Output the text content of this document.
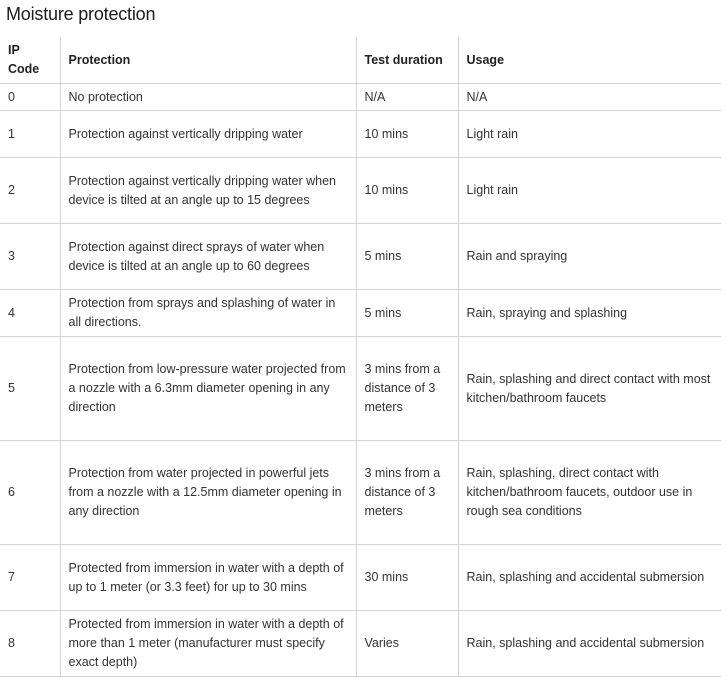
Moisture protection
IP Code	Protection	Test duration	Usage
0	No protection	N/A	N/A
1	Protection against vertically dripping water	10 mins	Light rain
2	Protection against vertically dripping water when device is tilted at an angle up to 15 degrees	10 mins	Light rain
3	Protection against direct sprays of water when device is tilted at an angle up to 60 degrees	5 mins	Rain and spraying
4	Protection from sprays and splashing of water in all directions.	5 mins	Rain, spraying and splashing
5	Protection from low-pressure water projected from a nozzle with a 6.3mm diameter opening in any direction	3 mins from a distance of 3 meters	Rain, splashing and direct contact with most kitchen/bathroom faucets
6	Protection from water projected in powerful jets from a nozzle with a 12.5mm diameter opening in any direction	3 mins from a distance of 3 meters	Rain, splashing, direct contact with kitchen/bathroom faucets, outdoor use in rough sea conditions
7	Protected from immersion in water with a depth of up to 1 meter (or 3.3 feet) for up to 30 mins	30 mins	Rain, splashing and accidental submersion
8	Protected from immersion in water with a depth of more than 1 meter (manufacturer must specify exact depth)	Varies	Rain, splashing and accidental submersion
